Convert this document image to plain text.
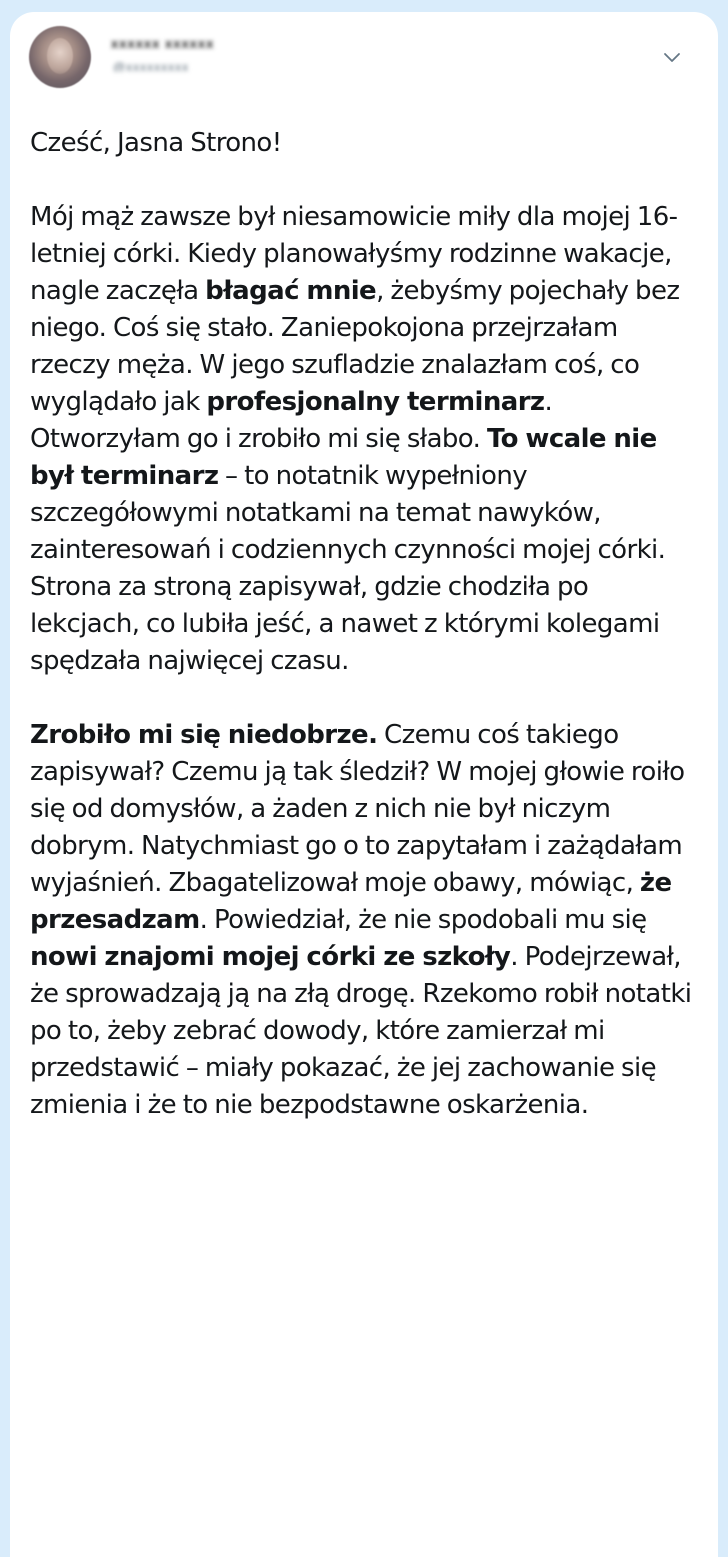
xxxxxx xxxxxx
@xxxxxxxxx

Cześć, Jasna Strono!

Mój mąż zawsze był niesamowicie miły dla mojej 16-letniej córki. Kiedy planowałyśmy rodzinne wakacje, nagle zaczęła błagać mnie, żebyśmy pojechały bez niego. Coś się stało. Zaniepokojona przejrzałam rzeczy męża. W jego szufladzie znalazłam coś, co wyglądało jak profesjonalny terminarz. Otworzyłam go i zrobiło mi się słabo. To wcale nie był terminarz – to notatnik wypełniony szczegółowymi notatkami na temat nawyków, zainteresowań i codziennych czynności mojej córki. Strona za stroną zapisywał, gdzie chodziła po lekcjach, co lubiła jeść, a nawet z którymi kolegami spędzała najwięcej czasu.

Zrobiło mi się niedobrze. Czemu coś takiego zapisywał? Czemu ją tak śledził? W mojej głowie roiło się od domysłów, a żaden z nich nie był niczym dobrym. Natychmiast go o to zapytałam i zażądałam wyjaśnień. Zbagatelizował moje obawy, mówiąc, że przesadzam. Powiedział, że nie spodobali mu się nowi znajomi mojej córki ze szkoły. Podejrzewał, że sprowadzają ją na złą drogę. Rzekomo robił notatki po to, żeby zebrać dowody, które zamierzał mi przedstawić – miały pokazać, że jej zachowanie się zmienia i że to nie bezpodstawne oskarżenia.
